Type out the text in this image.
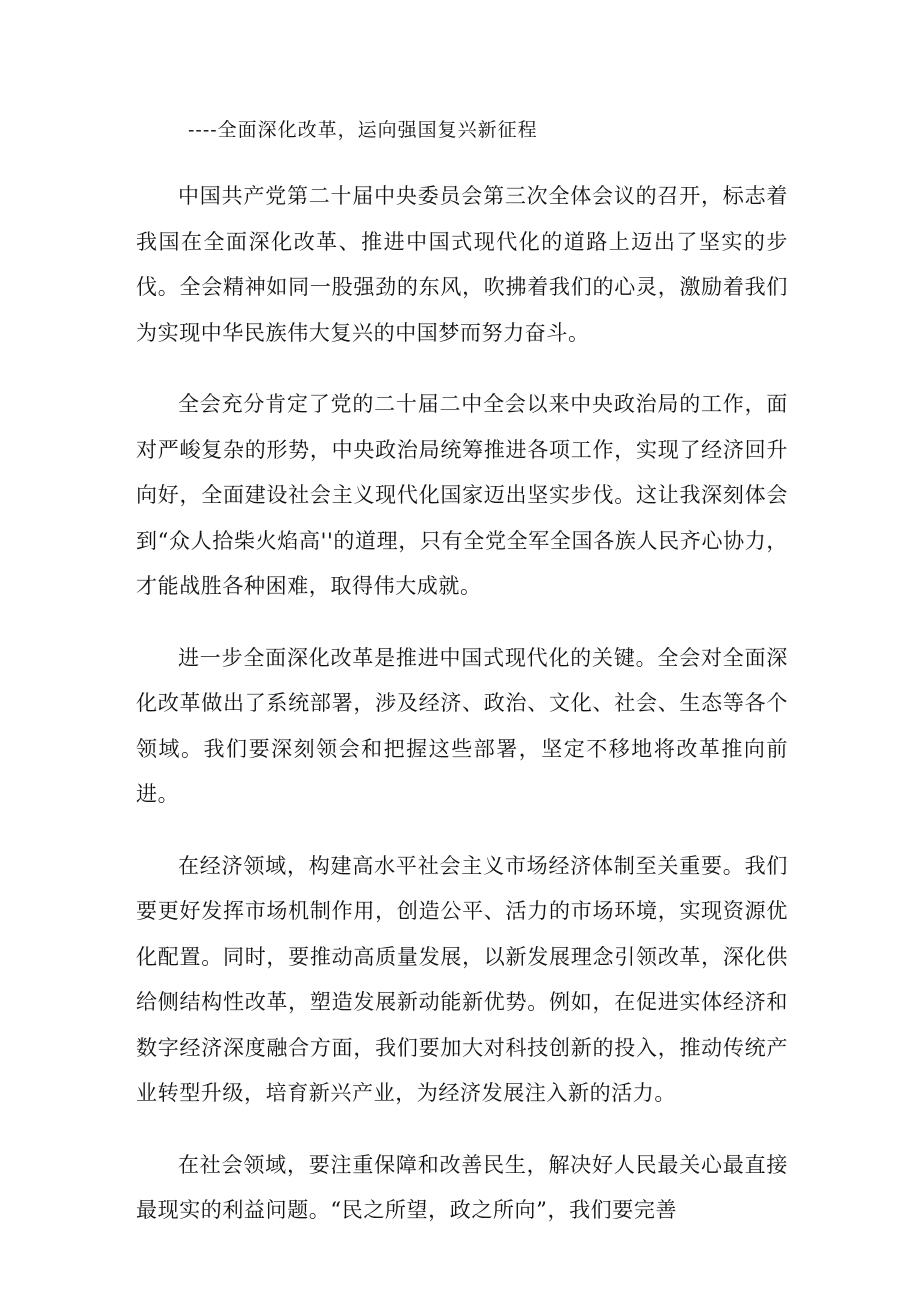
----全面深化改革，运向强国复兴新征程

中国共产党第二十届中央委员会第三次全体会议的召开，标志着我国在全面深化改革、推进中国式现代化的道路上迈出了坚实的步伐。全会精神如同一股强劲的东风，吹拂着我们的心灵，激励着我们为实现中华民族伟大复兴的中国梦而努力奋斗。

全会充分肯定了党的二十届二中全会以来中央政治局的工作，面对严峻复杂的形势，中央政治局统筹推进各项工作，实现了经济回升向好，全面建设社会主义现代化国家迈出坚实步伐。这让我深刻体会到“众人拾柴火焰高''的道理，只有全党全军全国各族人民齐心协力，才能战胜各种困难，取得伟大成就。

进一步全面深化改革是推进中国式现代化的关键。全会对全面深化改革做出了系统部署，涉及经济、政治、文化、社会、生态等各个领域。我们要深刻领会和把握这些部署，坚定不移地将改革推向前进。

在经济领域，构建高水平社会主义市场经济体制至关重要。我们要更好发挥市场机制作用，创造公平、活力的市场环境，实现资源优化配置。同时，要推动高质量发展，以新发展理念引领改革，深化供给侧结构性改革，塑造发展新动能新优势。例如，在促进实体经济和数字经济深度融合方面，我们要加大对科技创新的投入，推动传统产业转型升级，培育新兴产业，为经济发展注入新的活力。

在社会领域，要注重保障和改善民生，解决好人民最关心最直接最现实的利益问题。“民之所望，政之所向”，我们要完善
